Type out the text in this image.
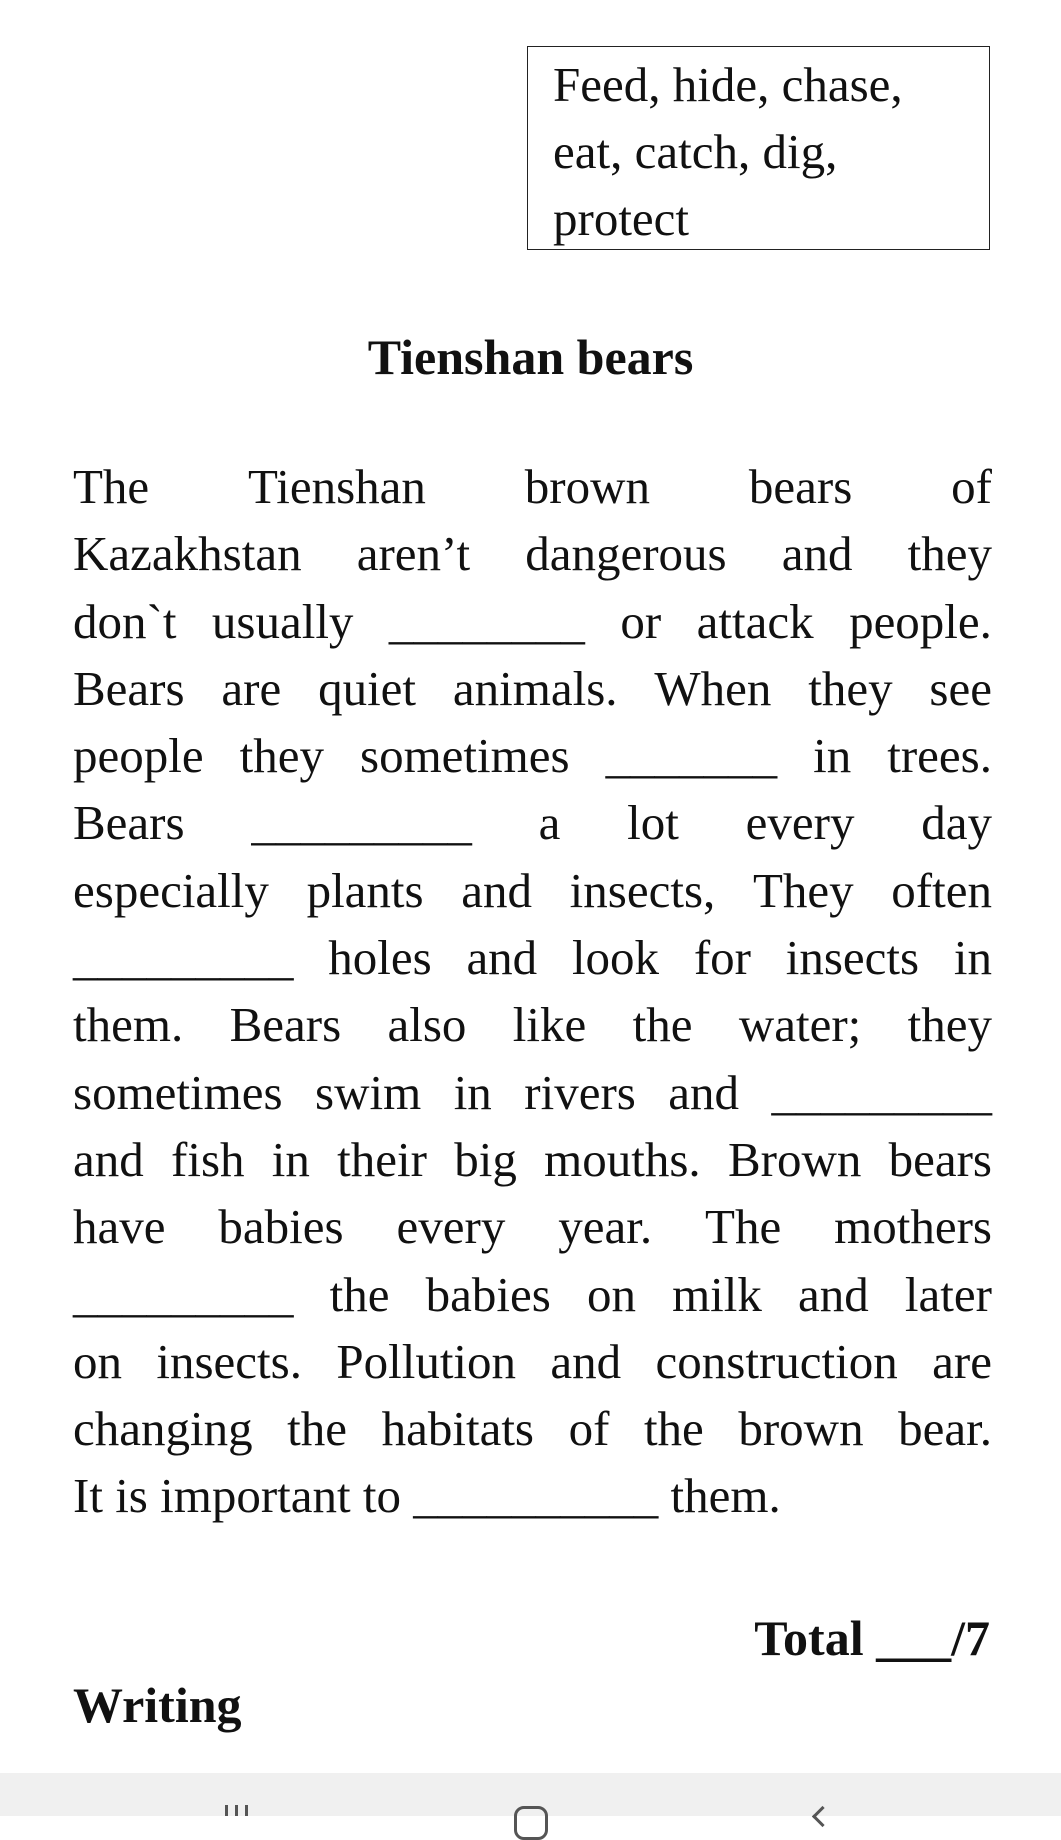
Feed, hide, chase,
eat, catch, dig,
protect
Tienshan bears
The Tienshan brown bears of
Kazakhstan aren’t dangerous and they
don`t usually ________ or attack people.
Bears are quiet animals. When they see
people they sometimes _______ in trees.
Bears _________ a lot every day
especially plants and insects, They often
_________ holes and look for insects in
them. Bears also like the water; they
sometimes swim in rivers and _________
and fish in their big mouths. Brown bears
have babies every year. The mothers
_________ the babies on milk and later
on insects. Pollution and construction are
changing the habitats of the brown bear.
It is important to __________ them.
Total ___/7
Writing
